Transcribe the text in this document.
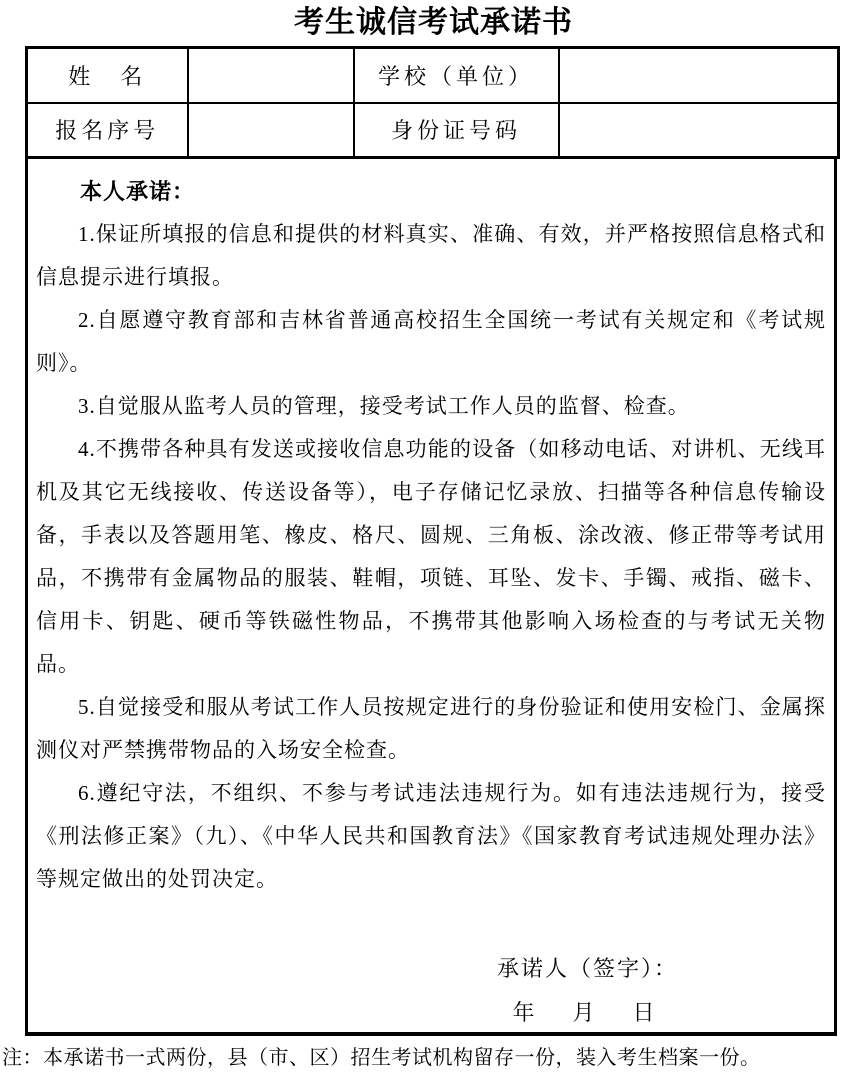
考生诚信考试承诺书
姓　名		学校（单位）	
报名序号		身份证号码	

本人承诺：

1.保证所填报的信息和提供的材料真实、准确、有效，并严格按照信息格式和信息提示进行填报。

2.自愿遵守教育部和吉林省普通高校招生全国统一考试有关规定和《考试规则》。

3.自觉服从监考人员的管理，接受考试工作人员的监督、检查。

4.不携带各种具有发送或接收信息功能的设备（如移动电话、对讲机、无线耳机及其它无线接收、传送设备等），电子存储记忆录放、扫描等各种信息传输设备，手表以及答题用笔、橡皮、格尺、圆规、三角板、涂改液、修正带等考试用品，不携带有金属物品的服装、鞋帽，项链、耳坠、发卡、手镯、戒指、磁卡、信用卡、钥匙、硬币等铁磁性物品，不携带其他影响入场检查的与考试无关物品。

5.自觉接受和服从考试工作人员按规定进行的身份验证和使用安检门、金属探测仪对严禁携带物品的入场安全检查。

6.遵纪守法，不组织、不参与考试违法违规行为。如有违法违规行为，接受《刑法修正案》（九）、《中华人民共和国教育法》《国家教育考试违规处理办法》等规定做出的处罚决定。

承诺人（签字）：
年　月　日
注：本承诺书一式两份，县（市、区）招生考试机构留存一份，装入考生档案一份。
